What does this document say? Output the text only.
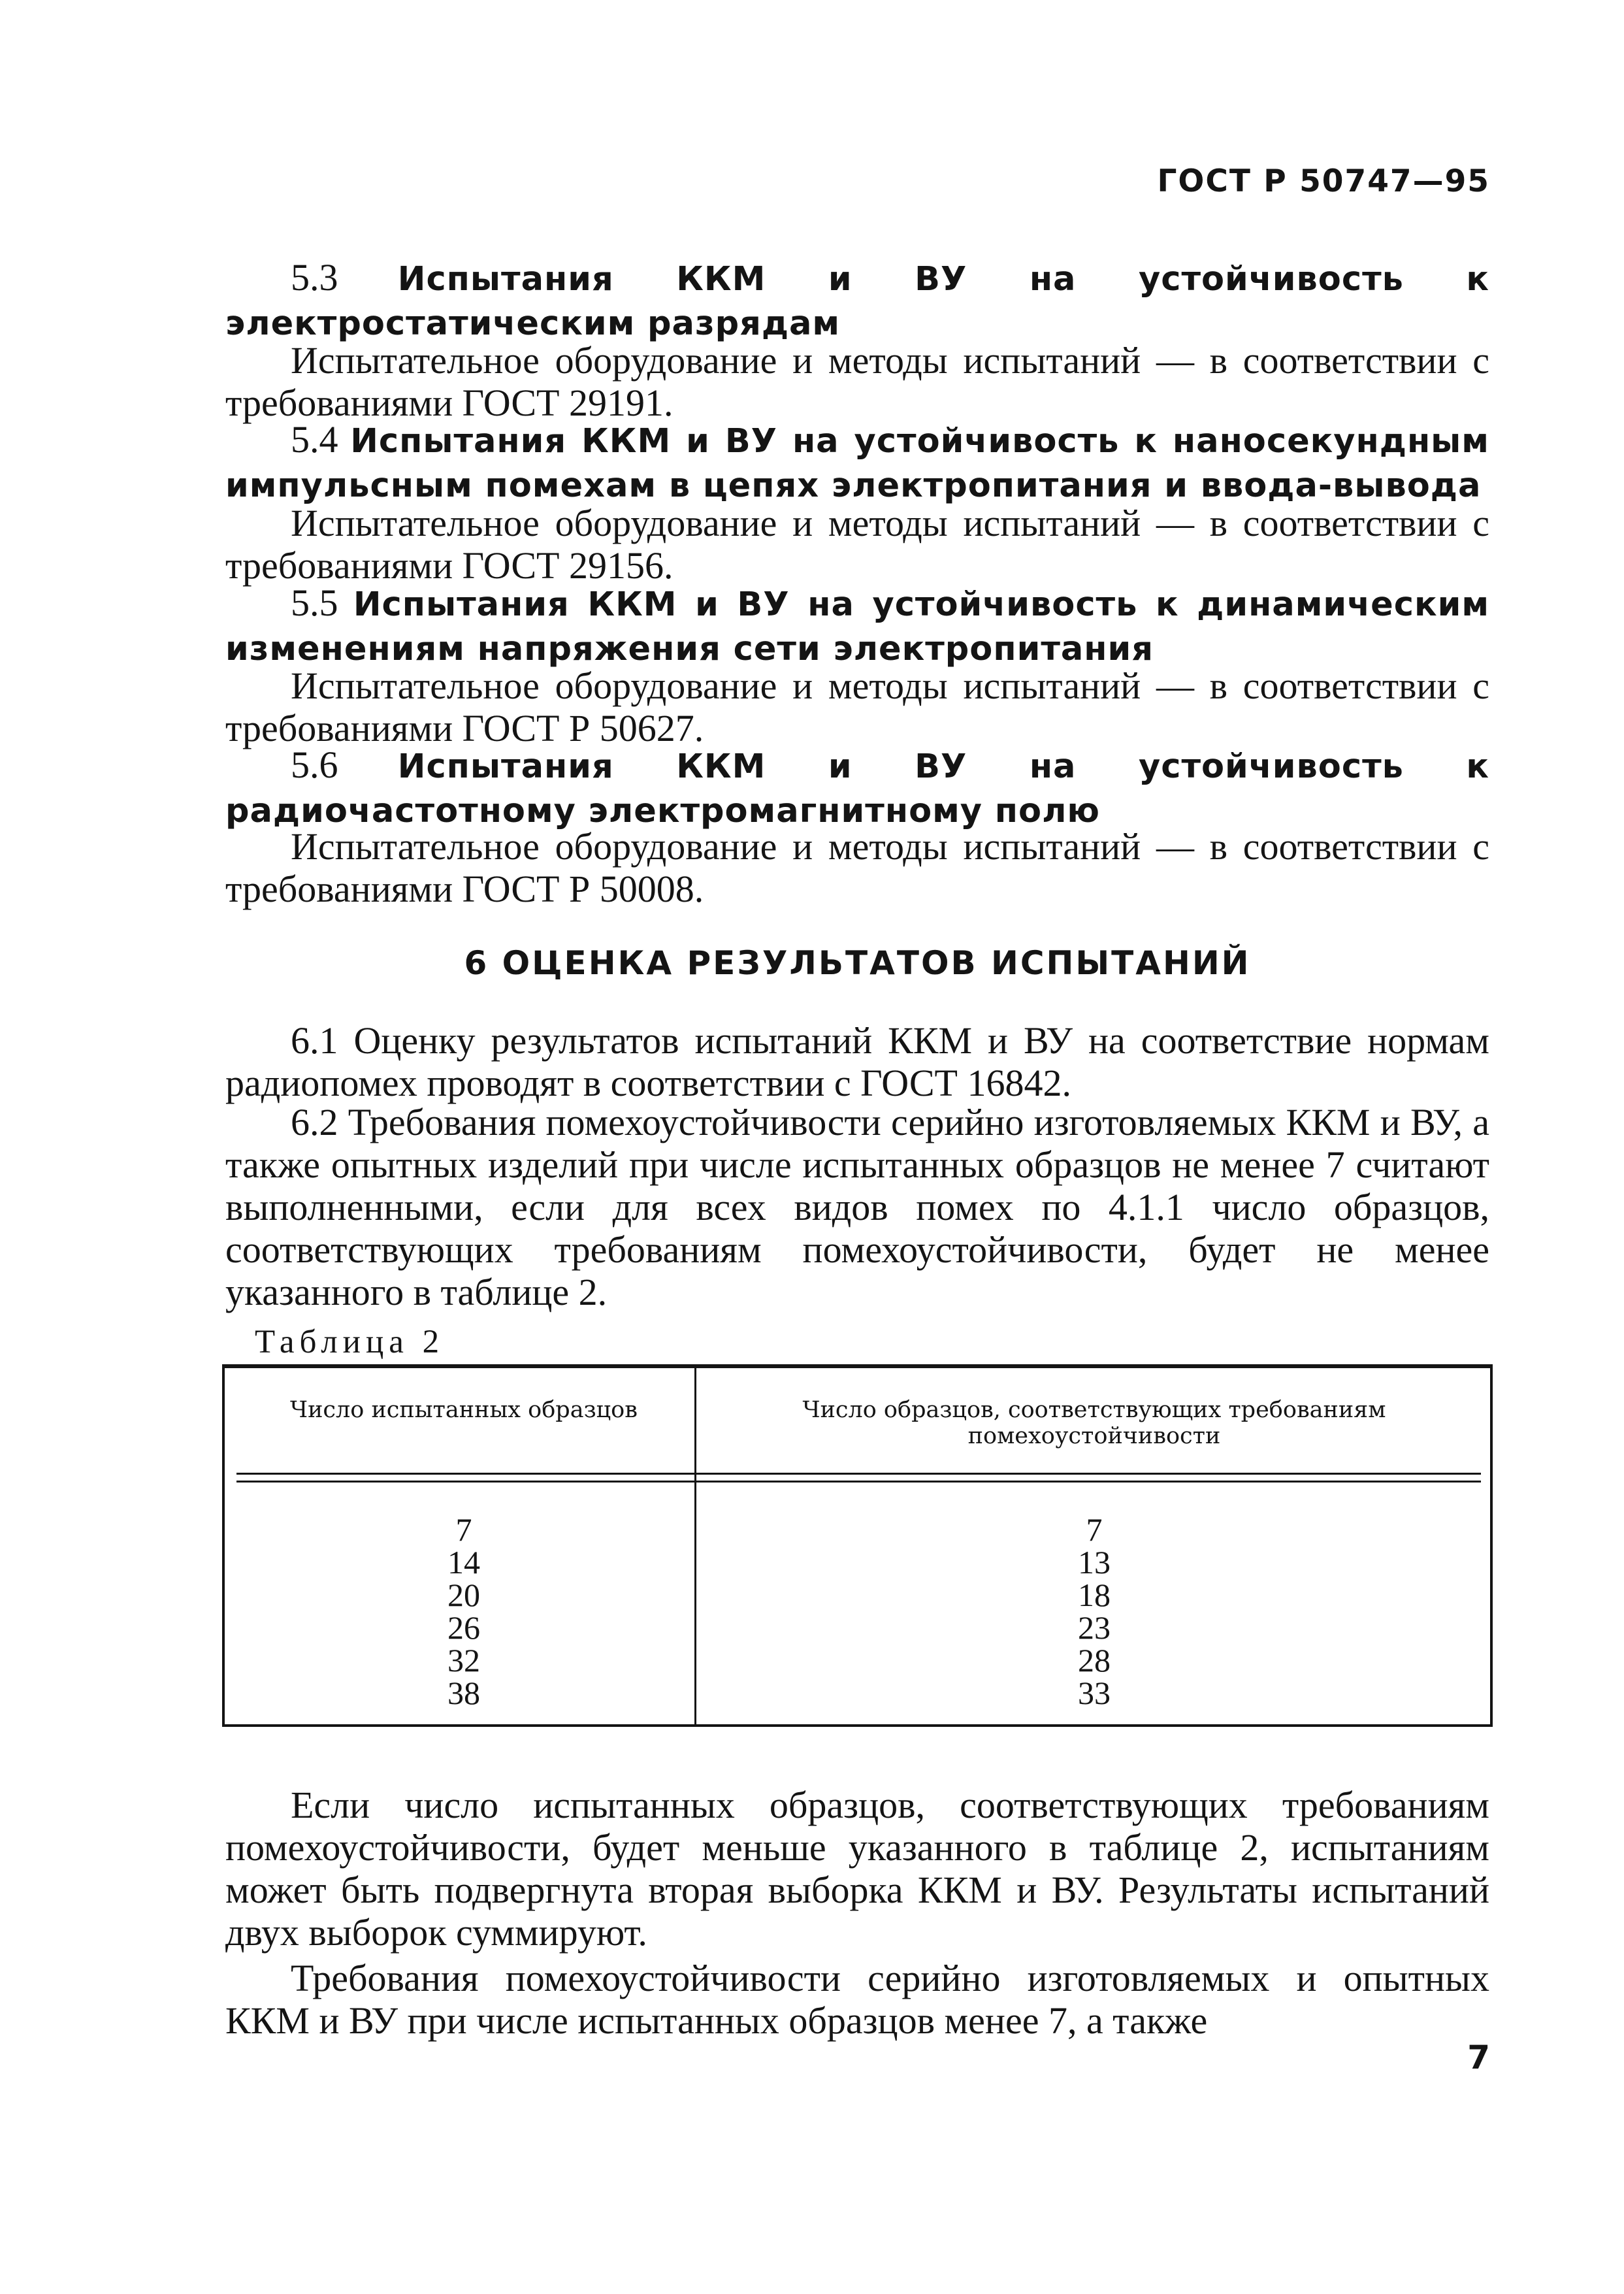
ГОСТ Р 50747—95
5.3 Испытания ККМ и ВУ на устойчивость к электростатическим разрядам
Испытательное оборудование и методы испытаний — в соответствии с требованиями ГОСТ 29191.
5.4 Испытания ККМ и ВУ на устойчивость к наносекундным импульсным помехам в цепях электропитания и ввода-вывода
Испытательное оборудование и методы испытаний — в соответствии с требованиями ГОСТ 29156.
5.5 Испытания ККМ и ВУ на устойчивость к динамическим изменениям напряжения сети электропитания
Испытательное оборудование и методы испытаний — в соответствии с требованиями ГОСТ Р 50627.
5.6 Испытания ККМ и ВУ на устойчивость к радиочастотному электромагнитному полю
Испытательное оборудование и методы испытаний — в соответствии с требованиями ГОСТ Р 50008.
6 ОЦЕНКА РЕЗУЛЬТАТОВ ИСПЫТАНИЙ
6.1 Оценку результатов испытаний ККМ и ВУ на соответствие нормам радиопомех проводят в соответствии с ГОСТ 16842.
6.2 Требования помехоустойчивости серийно изготовляемых ККМ и ВУ, а также опытных изделий при числе испытанных образцов не менее 7 считают выполненными, если для всех видов помех по 4.1.1 число образцов, соответствующих требованиям помехоустойчивости, будет не менее указанного в таблице 2.
Таблица 2
Число испытанных образцов	Число образцов, соответствующих требованиям помехоустойчивости
7
14
20
26
32
38
7
13
18
23
28
33
Если число испытанных образцов, соответствующих требованиям помехоустойчивости, будет меньше указанного в таблице 2, испытаниям может быть подвергнута вторая выборка ККМ и ВУ. Результаты испытаний двух выборок суммируют.
Требования помехоустойчивости серийно изготовляемых и опытных ККМ и ВУ при числе испытанных образцов менее 7, а также
7
